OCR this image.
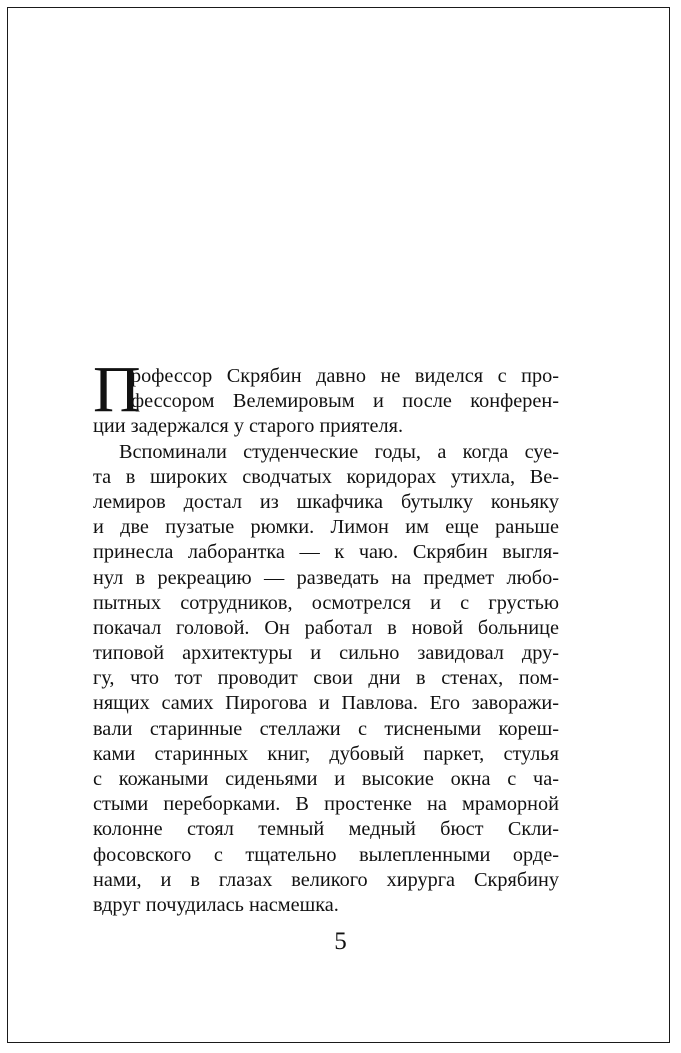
П
рофессор Скрябин давно не виделся с про-
фессором Велемировым и после конферен-
ции задержался у старого приятеля.
Вспоминали студенческие годы, а когда суе-
та в широких сводчатых коридорах утихла, Ве-
лемиров достал из шкафчика бутылку коньяку
и две пузатые рюмки. Лимон им еще раньше
принесла лаборантка — к чаю. Скрябин выгля-
нул в рекреацию — разведать на предмет любо-
пытных сотрудников, осмотрелся и с грустью
покачал головой. Он работал в новой больнице
типовой архитектуры и сильно завидовал дру-
гу, что тот проводит свои дни в стенах, пом-
нящих самих Пирогова и Павлова. Его заворажи-
вали старинные стеллажи с тиснеными кореш-
ками старинных книг, дубовый паркет, стулья
с кожаными сиденьями и высокие окна с ча-
стыми переборками. В простенке на мраморной
колонне стоял темный медный бюст Скли-
фосовского с тщательно вылепленными орде-
нами, и в глазах великого хирурга Скрябину
вдруг почудилась насмешка.
5
